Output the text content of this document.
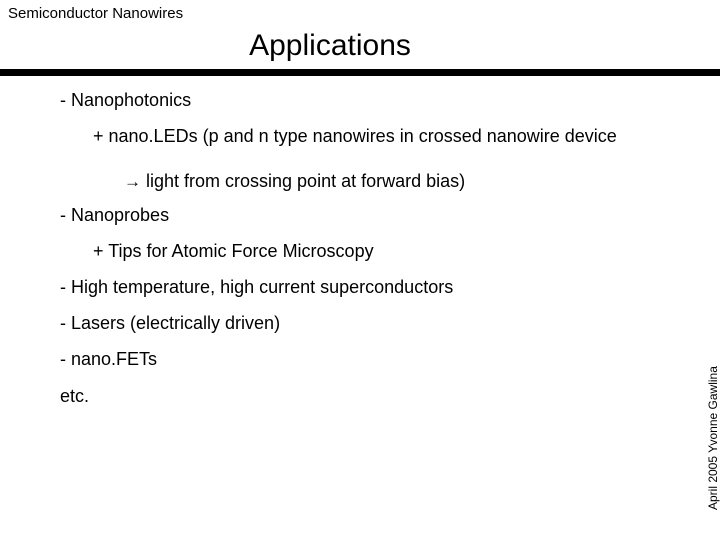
Semiconductor Nanowires
Applications
- Nanophotonics
+ nano.LEDs (p and n type nanowires in crossed nanowire device
→ light from crossing point at forward bias)
- Nanoprobes
+ Tips for Atomic Force Microscopy
- High temperature, high current superconductors
- Lasers (electrically driven)
- nano.FETs
etc.	April 2005 Yvonne Gawlina
